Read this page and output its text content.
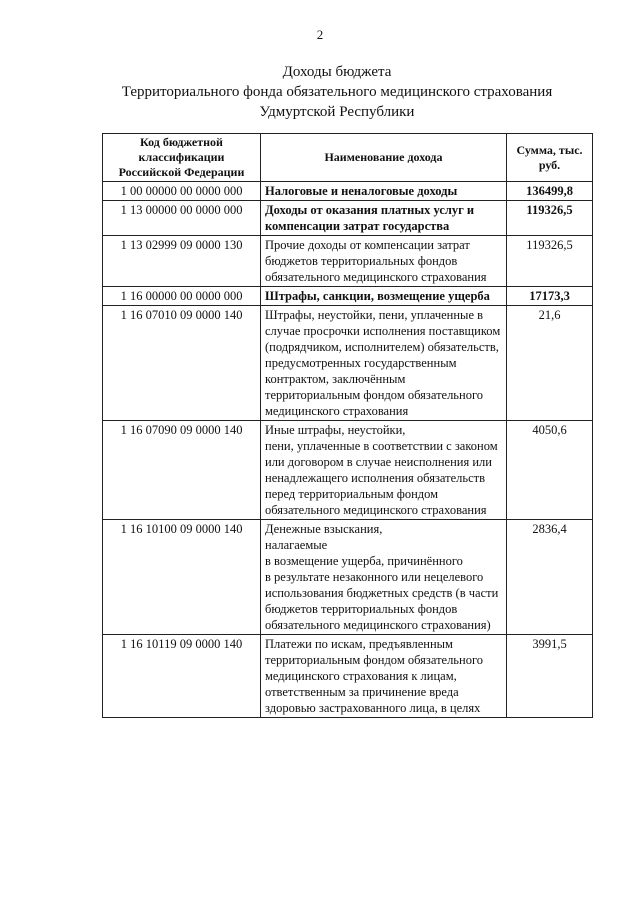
2
Доходы бюджета
Территориального фонда обязательного медицинского страхования
Удмуртской Республики
Код бюджетной классификации Российской Федерации	Наименование дохода	Сумма, тыс. руб.
1 00 00000 00 0000 000	Налоговые и неналоговые доходы	136499,8
1 13 00000 00 0000 000	Доходы от оказания платных услуг и компенсации затрат государства	119326,5
1 13 02999 09 0000 130	Прочие доходы от компенсации затрат бюджетов территориальных фондов обязательного медицинского страхования	119326,5
1 16 00000 00 0000 000	Штрафы, санкции, возмещение ущерба	17173,3
1 16 07010 09 0000 140	Штрафы, неустойки, пени, уплаченные в случае просрочки исполнения поставщиком (подрядчиком, исполнителем) обязательств, предусмотренных государственным контрактом, заключённым территориальным фондом обязательного медицинского страхования	21,6
1 16 07090 09 0000 140	Иные штрафы, неустойки,
пени, уплаченные в соответствии с законом или договором в случае неисполнения или ненадлежащего исполнения обязательств перед территориальным фондом обязательного медицинского страхования	4050,6
1 16 10100 09 0000 140	Денежные взыскания,
налагаемые
в возмещение ущерба, причинённого
в результате незаконного или нецелевого использования бюджетных средств (в части бюджетов территориальных фондов обязательного медицинского страхования)	2836,4
1 16 10119 09 0000 140	Платежи по искам, предъявленным территориальным фондом обязательного медицинского страхования к лицам, ответственным за причинение вреда здоровью застрахованного лица, в целях	3991,5
